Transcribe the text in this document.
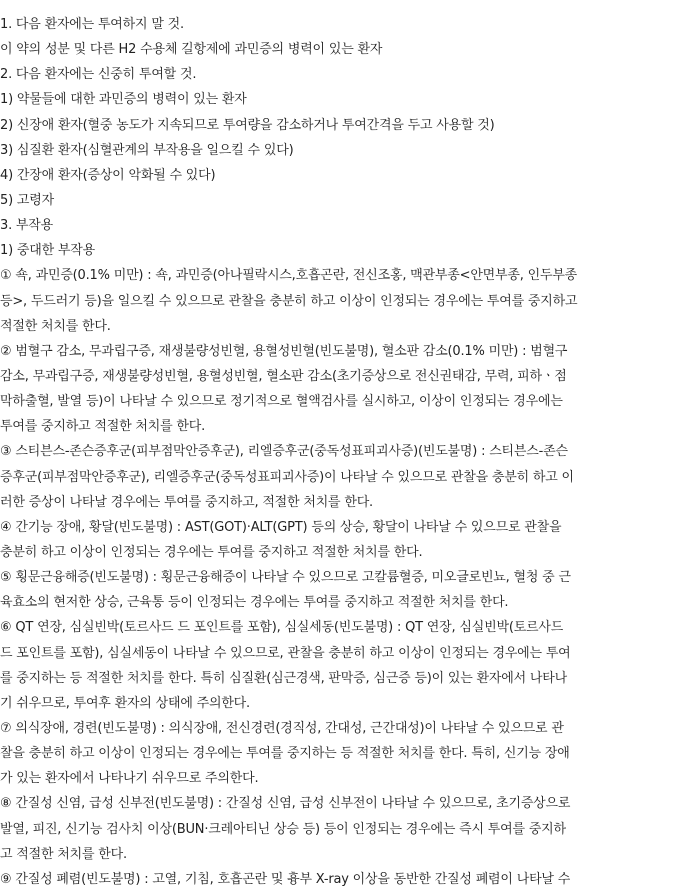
1. 다음 환자에는 투여하지 말 것.
이 약의 성분 및 다른 H2 수용체 길항제에 과민증의 병력이 있는 환자
2. 다음 환자에는 신중히 투여할 것.
1) 약물들에 대한 과민증의 병력이 있는 환자
2) 신장애 환자(혈중 농도가 지속되므로 투여량을 감소하거나 투여간격을 두고 사용할 것)
3) 심질환 환자(심혈관계의 부작용을 일으킬 수 있다)
4) 간장애 환자(증상이 악화될 수 있다)
5) 고령자
3. 부작용
1) 중대한 부작용
① 쇽, 과민증(0.1% 미만) : 쇽, 과민증(아나필락시스,호흡곤란, 전신조홍, 맥관부종<안면부종, 인두부종
등>, 두드러기 등)을 일으킬 수 있으므로 관찰을 충분히 하고 이상이 인정되는 경우에는 투여를 중지하고
적절한 처치를 한다.
② 범혈구 감소, 무과립구증, 재생불량성빈혈, 용혈성빈혈(빈도불명), 혈소판 감소(0.1% 미만) : 범혈구
감소, 무과립구증, 재생불량성빈혈, 용혈성빈혈, 혈소판 감소(초기증상으로 전신권태감, 무력, 피하ㆍ점
막하출혈, 발열 등)이 나타날 수 있으므로 정기적으로 혈액검사를 실시하고, 이상이 인정되는 경우에는
투여를 중지하고 적절한 처치를 한다.
③ 스티븐스-존슨증후군(피부점막안증후군), 리엘증후군(중독성표피괴사증)(빈도불명) : 스티븐스-존슨
증후군(피부점막안증후군), 리엘증후군(중독성표피괴사증)이 나타날 수 있으므로 관찰을 충분히 하고 이
러한 증상이 나타날 경우에는 투여를 중지하고, 적절한 처치를 한다.
④ 간기능 장애, 황달(빈도불명) : AST(GOT)·ALT(GPT) 등의 상승, 황달이 나타날 수 있으므로 관찰을
충분히 하고 이상이 인정되는 경우에는 투여를 중지하고 적절한 처치를 한다.
⑤ 횡문근융해증(빈도불명) : 횡문근융해증이 나타날 수 있으므로 고칼륨혈증, 미오글로빈뇨, 혈청 중 근
육효소의 현저한 상승, 근육통 등이 인정되는 경우에는 투여를 중지하고 적절한 처치를 한다.
⑥ QT 연장, 심실빈박(토르사드 드 포인트를 포함), 심실세동(빈도불명) : QT 연장, 심실빈박(토르사드
드 포인트를 포함), 심실세동이 나타날 수 있으므로, 관찰을 충분히 하고 이상이 인정되는 경우에는 투여
를 중지하는 등 적절한 처치를 한다. 특히 심질환(심근경색, 판막증, 심근증 등)이 있는 환자에서 나타나
기 쉬우므로, 투여후 환자의 상태에 주의한다.
⑦ 의식장애, 경련(빈도불명) : 의식장애, 전신경련(경직성, 간대성, 근간대성)이 나타날 수 있으므로 관
찰을 충분히 하고 이상이 인정되는 경우에는 투여를 중지하는 등 적절한 처치를 한다. 특히, 신기능 장애
가 있는 환자에서 나타나기 쉬우므로 주의한다.
⑧ 간질성 신염, 급성 신부전(빈도불명) : 간질성 신염, 급성 신부전이 나타날 수 있으므로, 초기증상으로
발열, 피진, 신기능 검사치 이상(BUN·크레아티닌 상승 등) 등이 인정되는 경우에는 즉시 투여를 중지하
고 적절한 처치를 한다.
⑨ 간질성 폐렴(빈도불명) : 고열, 기침, 호흡곤란 및 흉부 X-ray 이상을 동반한 간질성 폐렴이 나타날 수
